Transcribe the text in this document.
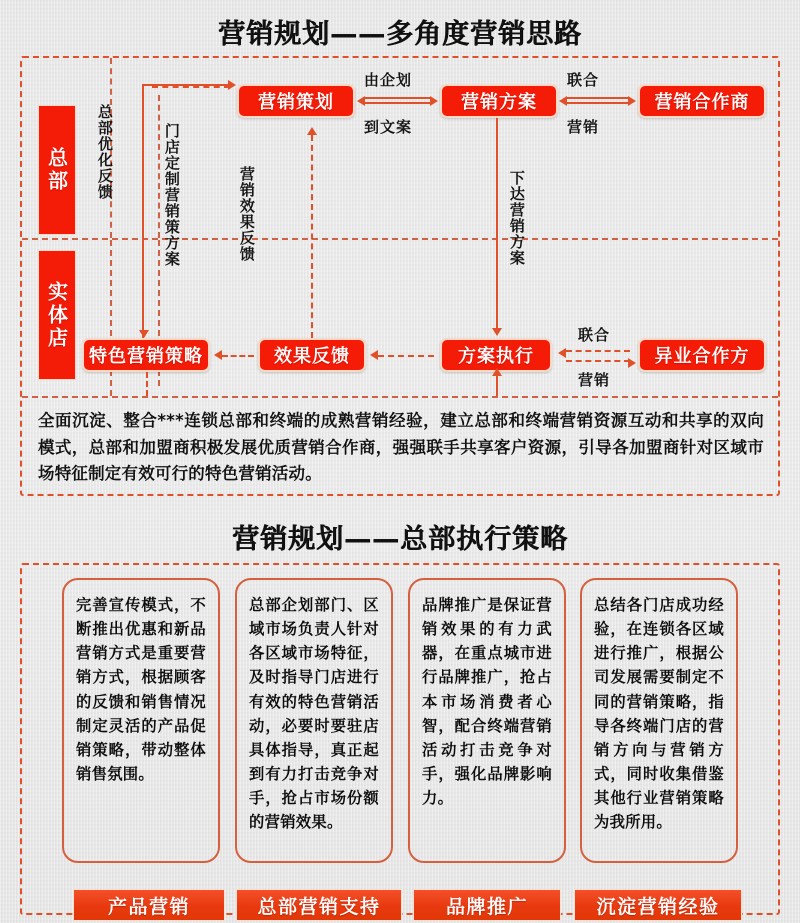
营销规划——多角度营销思路
总部
实体店
总部优化反馈	门店定制营销策方案	营销效果反馈	下达营销方案
营销策划	营销方案	营销合作商
特色营销策略	效果反馈	方案执行	异业合作方
由企划
到文案
联合
营销
联合
营销

全面沉淀、整合***连锁总部和终端的成熟营销经验，建立总部和终端营销资源互动和共享的双向模式，总部和加盟商积极发展优质营销合作商，强强联手共享客户资源，引导各加盟商针对区域市场特征制定有效可行的特色营销活动。

营销规划——总部执行策略

完善宣传模式，不断推出优惠和新品营销方式是重要营销方式，根据顾客的反馈和销售情况制定灵活的产品促销策略，带动整体销售氛围。

总部企划部门、区域市场负责人针对各区域市场特征，及时指导门店进行有效的特色营销活动，必要时要驻店具体指导，真正起到有力打击竞争对手，抢占市场份额的营销效果。

品牌推广是保证营销效果的有力武器，在重点城市进行品牌推广，抢占本市场消费者心智，配合终端营销活动打击竞争对手，强化品牌影响力。

总结各门店成功经验，在连锁各区域进行推广，根据公司发展需要制定不同的营销策略，指导各终端门店的营销方向与营销方式，同时收集借鉴其他行业营销策略为我所用。

产品营销	总部营销支持	品牌推广	沉淀营销经验
